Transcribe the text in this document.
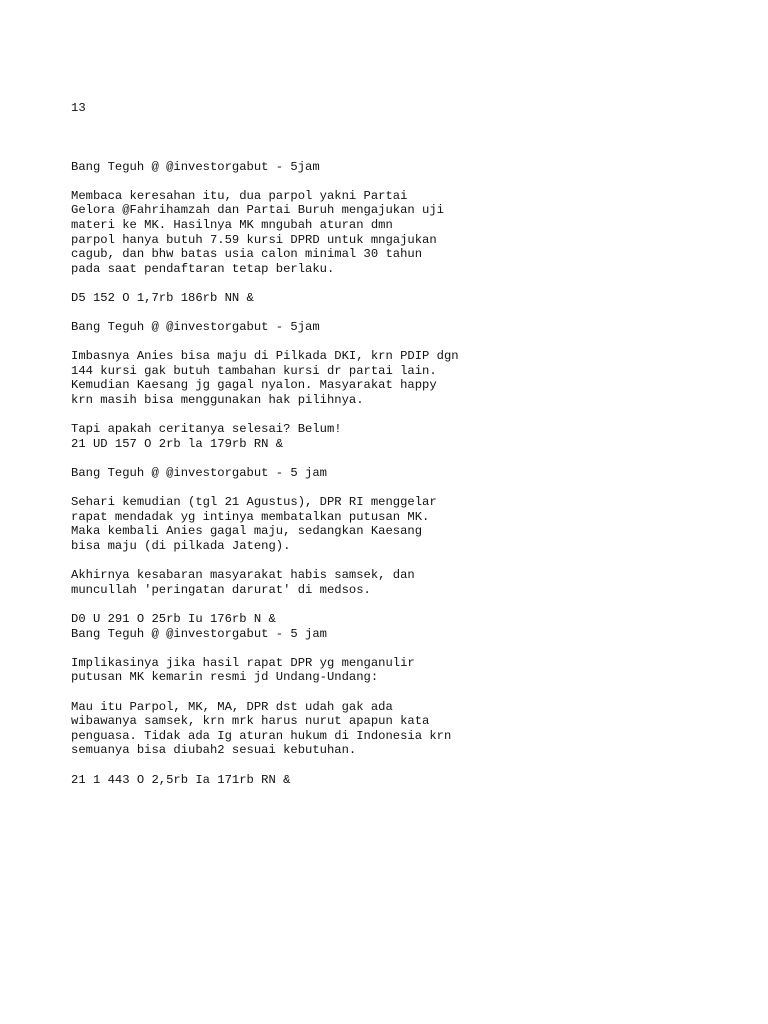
13

Bang Teguh @ @investorgabut - 5jam
Membaca keresahan itu, dua parpol yakni Partai
Gelora @Fahrihamzah dan Partai Buruh mengajukan uji
materi ke MK. Hasilnya MK mngubah aturan dmn
parpol hanya butuh 7.59 kursi DPRD untuk mngajukan
cagub, dan bhw batas usia calon minimal 30 tahun
pada saat pendaftaran tetap berlaku.
D5 152 O 1,7rb 186rb NN &
Bang Teguh @ @investorgabut - 5jam
Imbasnya Anies bisa maju di Pilkada DKI, krn PDIP dgn
144 kursi gak butuh tambahan kursi dr partai lain.
Kemudian Kaesang jg gagal nyalon. Masyarakat happy
krn masih bisa menggunakan hak pilihnya.
Tapi apakah ceritanya selesai? Belum!
21 UD 157 O 2rb la 179rb RN &
Bang Teguh @ @investorgabut - 5 jam
Sehari kemudian (tgl 21 Agustus), DPR RI menggelar
rapat mendadak yg intinya membatalkan putusan MK.
Maka kembali Anies gagal maju, sedangkan Kaesang
bisa maju (di pilkada Jateng).
Akhirnya kesabaran masyarakat habis samsek, dan
muncullah 'peringatan darurat' di medsos.
D0 U 291 O 25rb Iu 176rb N &
Bang Teguh @ @investorgabut - 5 jam
Implikasinya jika hasil rapat DPR yg menganulir
putusan MK kemarin resmi jd Undang-Undang:
Mau itu Parpol, MK, MA, DPR dst udah gak ada
wibawanya samsek, krn mrk harus nurut apapun kata
penguasa. Tidak ada Ig aturan hukum di Indonesia krn
semuanya bisa diubah2 sesuai kebutuhan.
21 1 443 O 2,5rb Ia 171rb RN &
